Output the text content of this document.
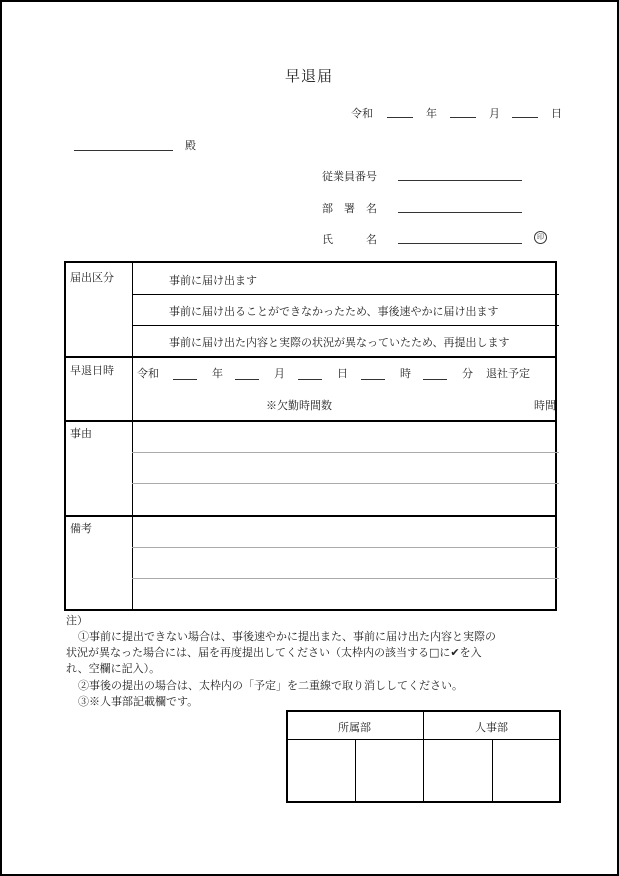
早退届
令和	年	月	日
殿
従業員番号
部　署　名
氏　　　名	印
届出区分	事前に届け出ます
事前に届け出ることができなかったため、事後速やかに届け出ます
事前に届け出た内容と実際の状況が異なっていたため、再提出します
早退日時 令和	年	月	日	時	分 退社予定
※欠勤時間数	時間
事由
備考
注）
①事前に提出できない場合は、事後速やかに提出また、事前に届け出た内容と実際の
状況が異なった場合には、届を再度提出してください（太枠内の該当する□に✔を入
れ、空欄に記入）。
②事後の提出の場合は、太枠内の「予定」を二重線で取り消ししてください。
③※人事部記載欄です。
所属部	人事部
